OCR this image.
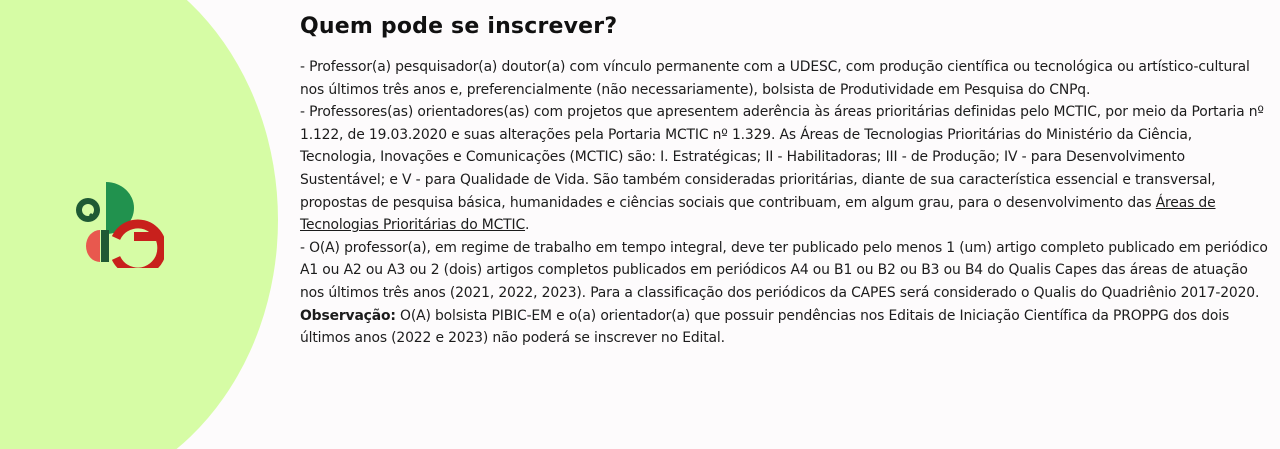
Quem pode se inscrever?

- Professor(a) pesquisador(a) doutor(a) com vínculo permanente com a UDESC, com produção científica ou tecnológica ou artístico-cultural nos últimos três anos e, preferencialmente (não necessariamente), bolsista de Produtividade em Pesquisa do CNPq.

- Professores(as) orientadores(as) com projetos que apresentem aderência às áreas prioritárias definidas pelo MCTIC, por meio da Portaria nº 1.122, de 19.03.2020 e suas alterações pela Portaria MCTIC nº 1.329. As Áreas de Tecnologias Prioritárias do Ministério da Ciência, Tecnologia, Inovações e Comunicações (MCTIC) são: I. Estratégicas; II - Habilitadoras; III - de Produção; IV - para Desenvolvimento Sustentável; e V - para Qualidade de Vida. São também consideradas prioritárias, diante de sua característica essencial e transversal, propostas de pesquisa básica, humanidades e ciências sociais que contribuam, em algum grau, para o desenvolvimento das Áreas de Tecnologias Prioritárias do MCTIC.

- O(A) professor(a), em regime de trabalho em tempo integral, deve ter publicado pelo menos 1 (um) artigo completo publicado em periódico A1 ou A2 ou A3 ou 2 (dois) artigos completos publicados em periódicos A4 ou B1 ou B2 ou B3 ou B4 do Qualis Capes das áreas de atuação nos últimos três anos (2021, 2022, 2023). Para a classificação dos periódicos da CAPES será considerado o Qualis do Quadriênio 2017-2020.

Observação: O(A) bolsista PIBIC-EM e o(a) orientador(a) que possuir pendências nos Editais de Iniciação Científica da PROPPG dos dois últimos anos (2022 e 2023) não poderá se inscrever no Edital.
